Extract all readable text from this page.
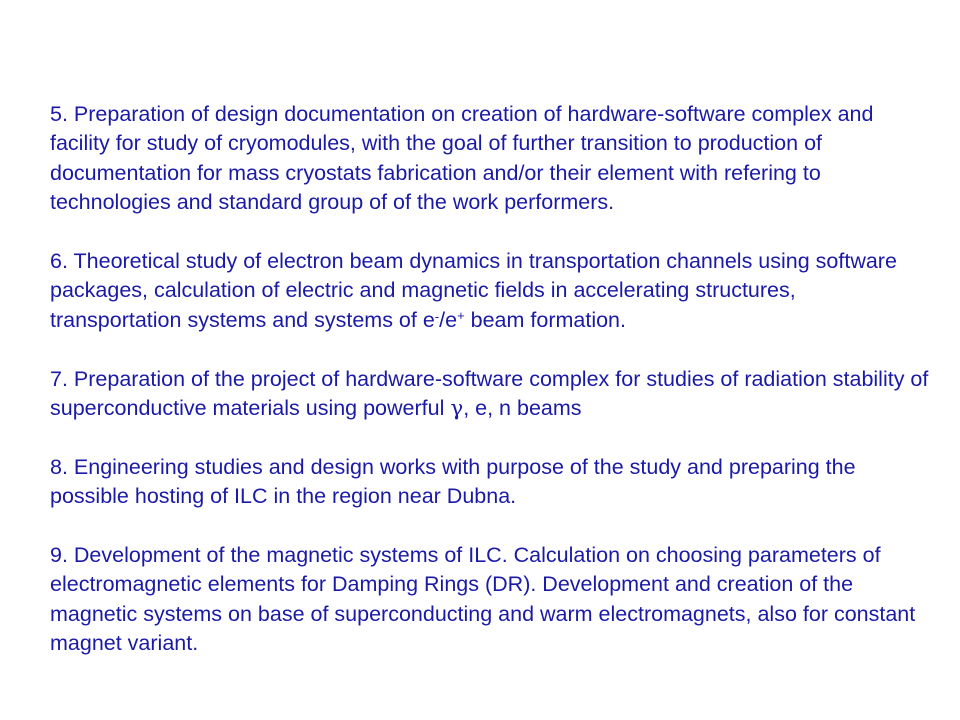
5. Preparation of design documentation on creation of hardware-software complex and facility for study of cryomodules, with the goal of further transition to production of documentation for mass cryostats fabrication and/or their element with refering to technologies and standard group of of the work performers.

6. Theoretical study of electron beam dynamics in transportation channels using software packages, calculation of electric and magnetic fields in accelerating structures, transportation systems and systems of $e_-/e^+$ beam formation.

7. Preparation of the project of hardware-software complex for studies of radiation stability of superconductive materials using powerful γ, e, n beams

8. Engineering studies and design works with purpose of the study and preparing the possible hosting of ILC in the region near Dubna.

9. Development of the magnetic systems of ILC. Calculation on choosing parameters of electromagnetic elements for Damping Rings (DR). Development and creation of the magnetic systems on base of superconducting and warm electromagnets, also for constant magnet variant.
